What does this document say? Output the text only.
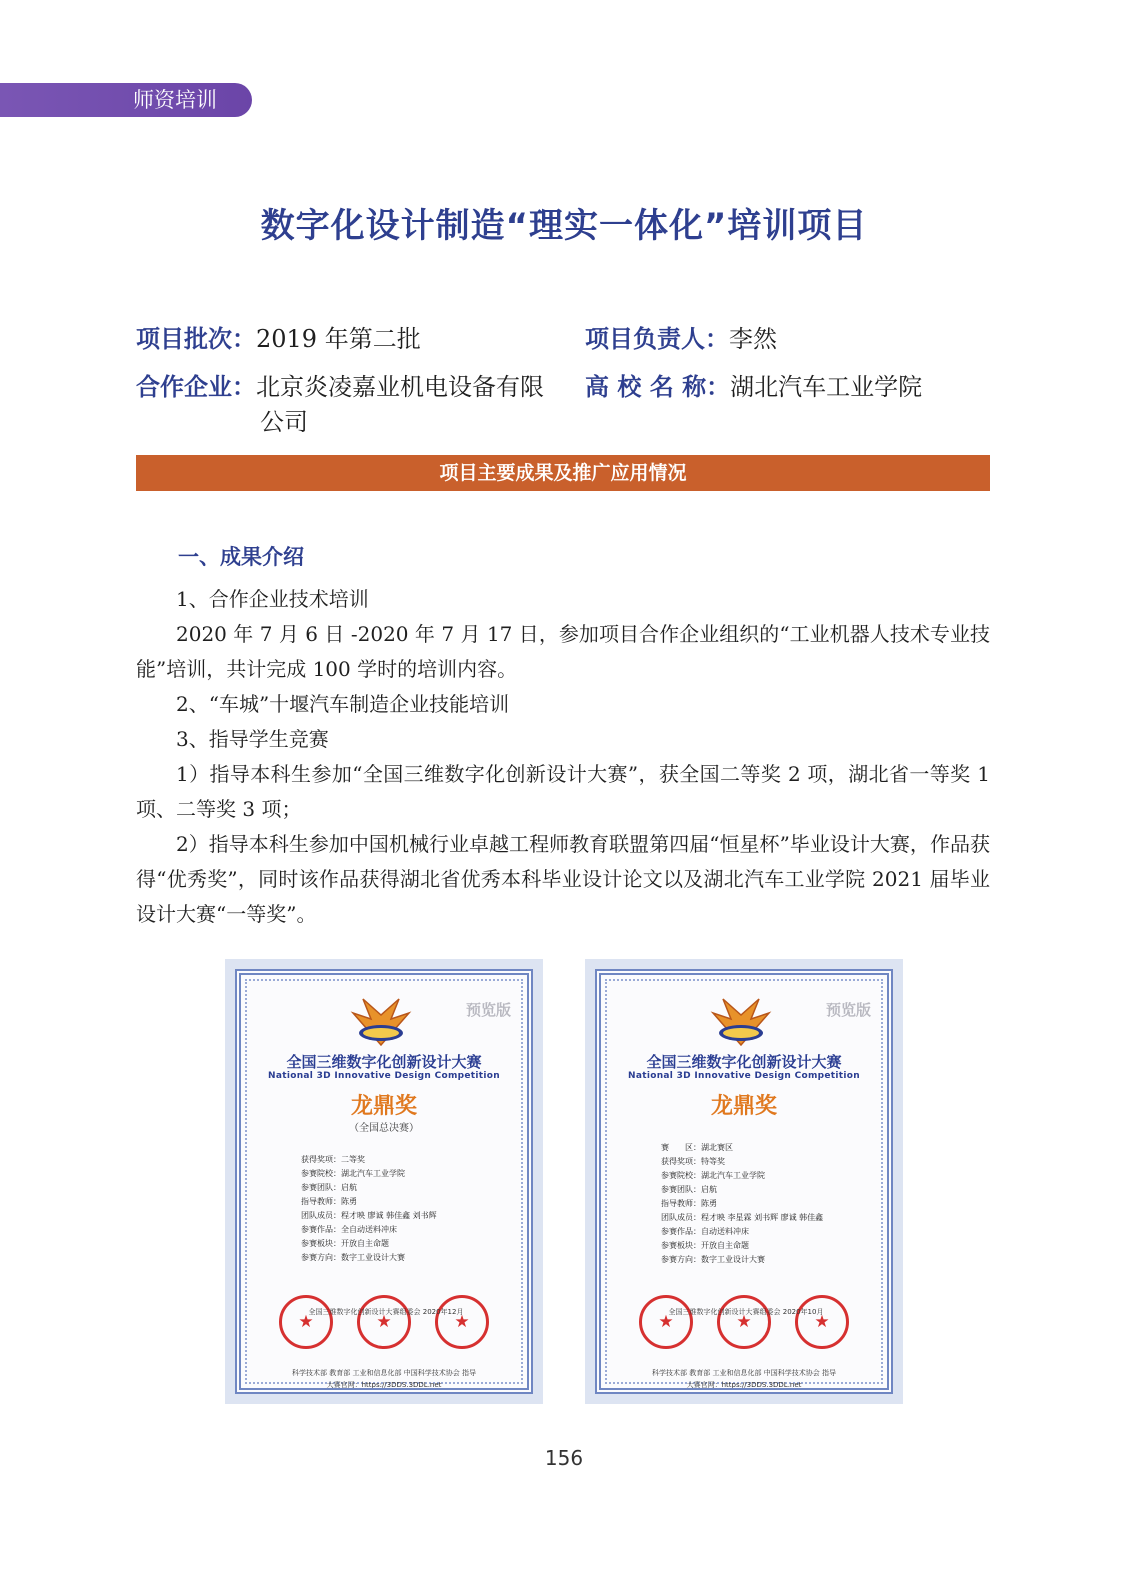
师资培训
数字化设计制造“理实一体化”培训项目
项目批次：2019 年第二批	项目负责人：李然
合作企业：北京炎凌嘉业机电设备有限
公司
高 校 名 称：湖北汽车工业学院
项目主要成果及推广应用情况

一、成果介绍

1、合作企业技术培训

2020 年 7 月 6 日 -2020 年 7 月 17 日，参加项目合作企业组织的“工业机器人技术专业技能”培训，共计完成 100 学时的培训内容。

2、“车城”十堰汽车制造企业技能培训

3、指导学生竞赛

1）指导本科生参加“全国三维数字化创新设计大赛”，获全国二等奖 2 项，湖北省一等奖 1 项、二等奖 3 项；

2）指导本科生参加中国机械行业卓越工程师教育联盟第四届“恒星杯”毕业设计大赛，作品获得“优秀奖”，同时该作品获得湖北省优秀本科毕业设计论文以及湖北汽车工业学院 2021 届毕业设计大赛“一等奖”。

预览版
全国三维数字化创新设计大赛
National 3D Innovative Design Competition
龙鼎奖
（全国总决赛）
获得奖项：二等奖
参赛院校：湖北汽车工业学院
参赛团队：启航
指导教师：陈勇
团队成员：程才映 廖诚 韩佳鑫 刘书辉
参赛作品：全自动送料冲床
参赛板块：开放自主命题
参赛方向：数字工业设计大赛
★	★	★
全国三维数字化创新设计大赛组委会 2020年12月
科学技术部 教育部 工业和信息化部 中国科学技术协会 指导
大赛官网：https://3DDS.3DDL.net
预览版
全国三维数字化创新设计大赛
National 3D Innovative Design Competition
龙鼎奖
赛　　区：湖北赛区
获得奖项：特等奖
参赛院校：湖北汽车工业学院
参赛团队：启航
指导教师：陈勇
团队成员：程才映 李星霖 刘书辉 廖诚 韩佳鑫
参赛作品：自动送料冲床
参赛板块：开放自主命题
参赛方向：数字工业设计大赛
★	★	★
全国三维数字化创新设计大赛组委会 2020年10月
科学技术部 教育部 工业和信息化部 中国科学技术协会 指导
大赛官网：https://3DDS.3DDL.net
156
